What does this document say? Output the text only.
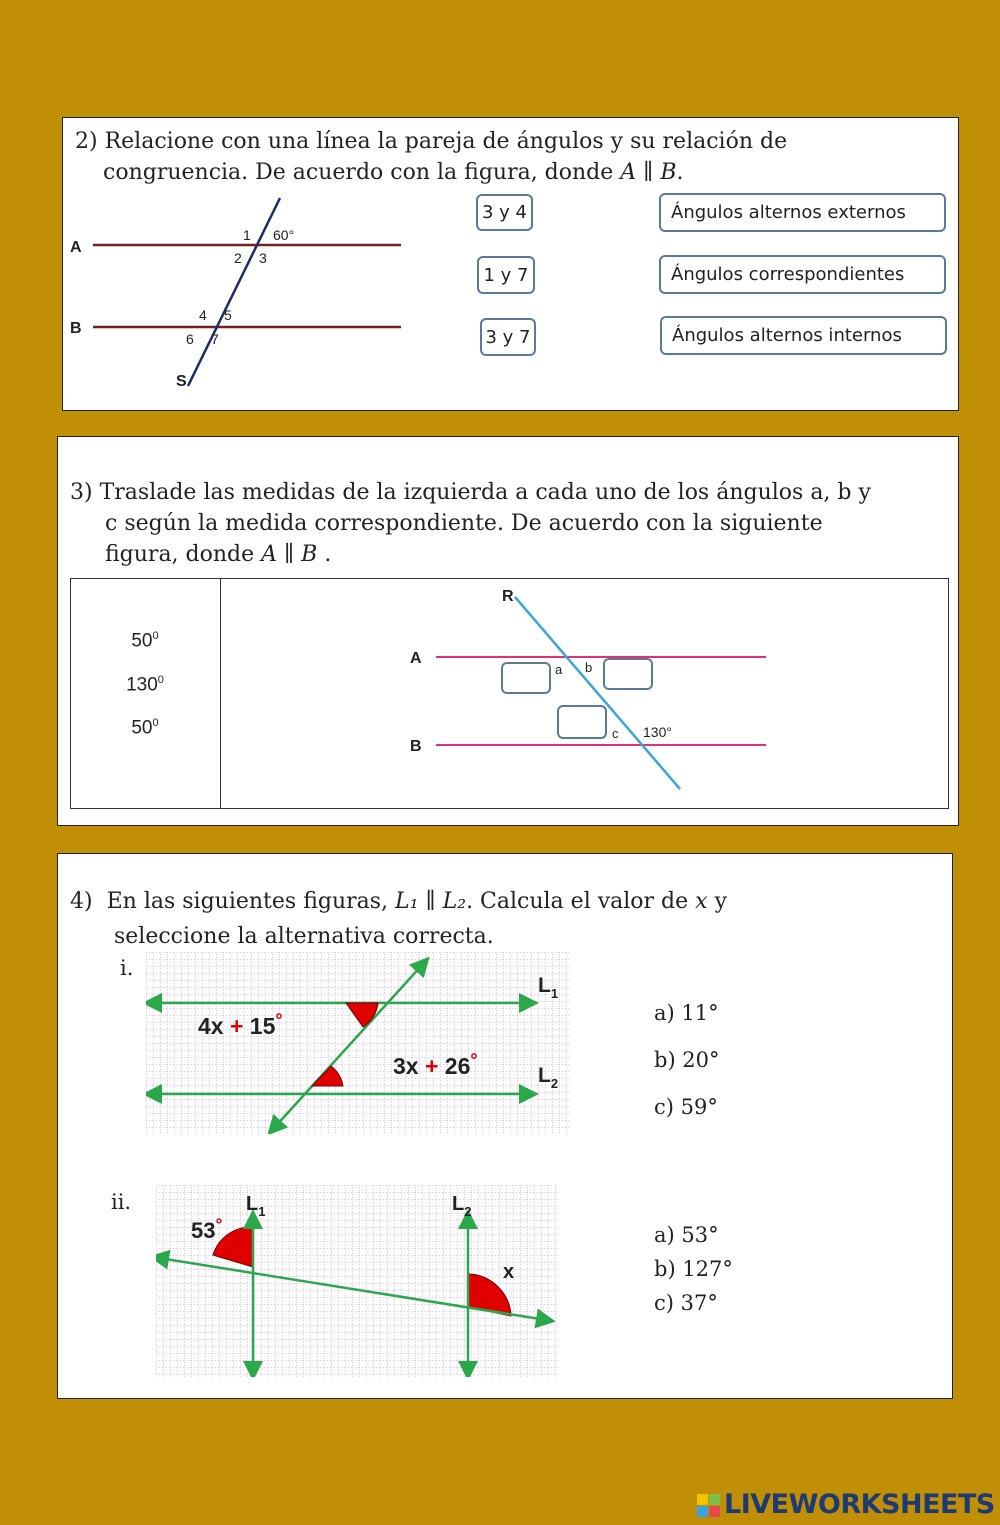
2) Relacione con una línea la pareja de ángulos y su relación de
congruencia. De acuerdo con la figura, donde A ∥ B.
A
B
S
1 60°
2 3
4 5
6 7
3 y 4
1 y 7
3 y 7
Ángulos alternos externos
Ángulos correspondientes
Ángulos alternos internos
3) Traslade las medidas de la izquierda a cada uno de los ángulos a, b y
c según la medida correspondiente. De acuerdo con la siguiente
figura, donde A ∥ B .
$50^0$
$130^0$
$50^0$
R
A
B
a b
c 130°
4) En las siguientes figuras, L₁ ∥ L₂. Calcula el valor de x y
seleccione la alternativa correcta.
i.
4x + 15°
3x + 26°
$L_1$
$L_2$
a) 11°
b) 20°
c) 59°
ii.
53°
x
$L_1$	$L_2$
a) 53°
b) 127°
c) 37°
LIVEWORKSHEETS
